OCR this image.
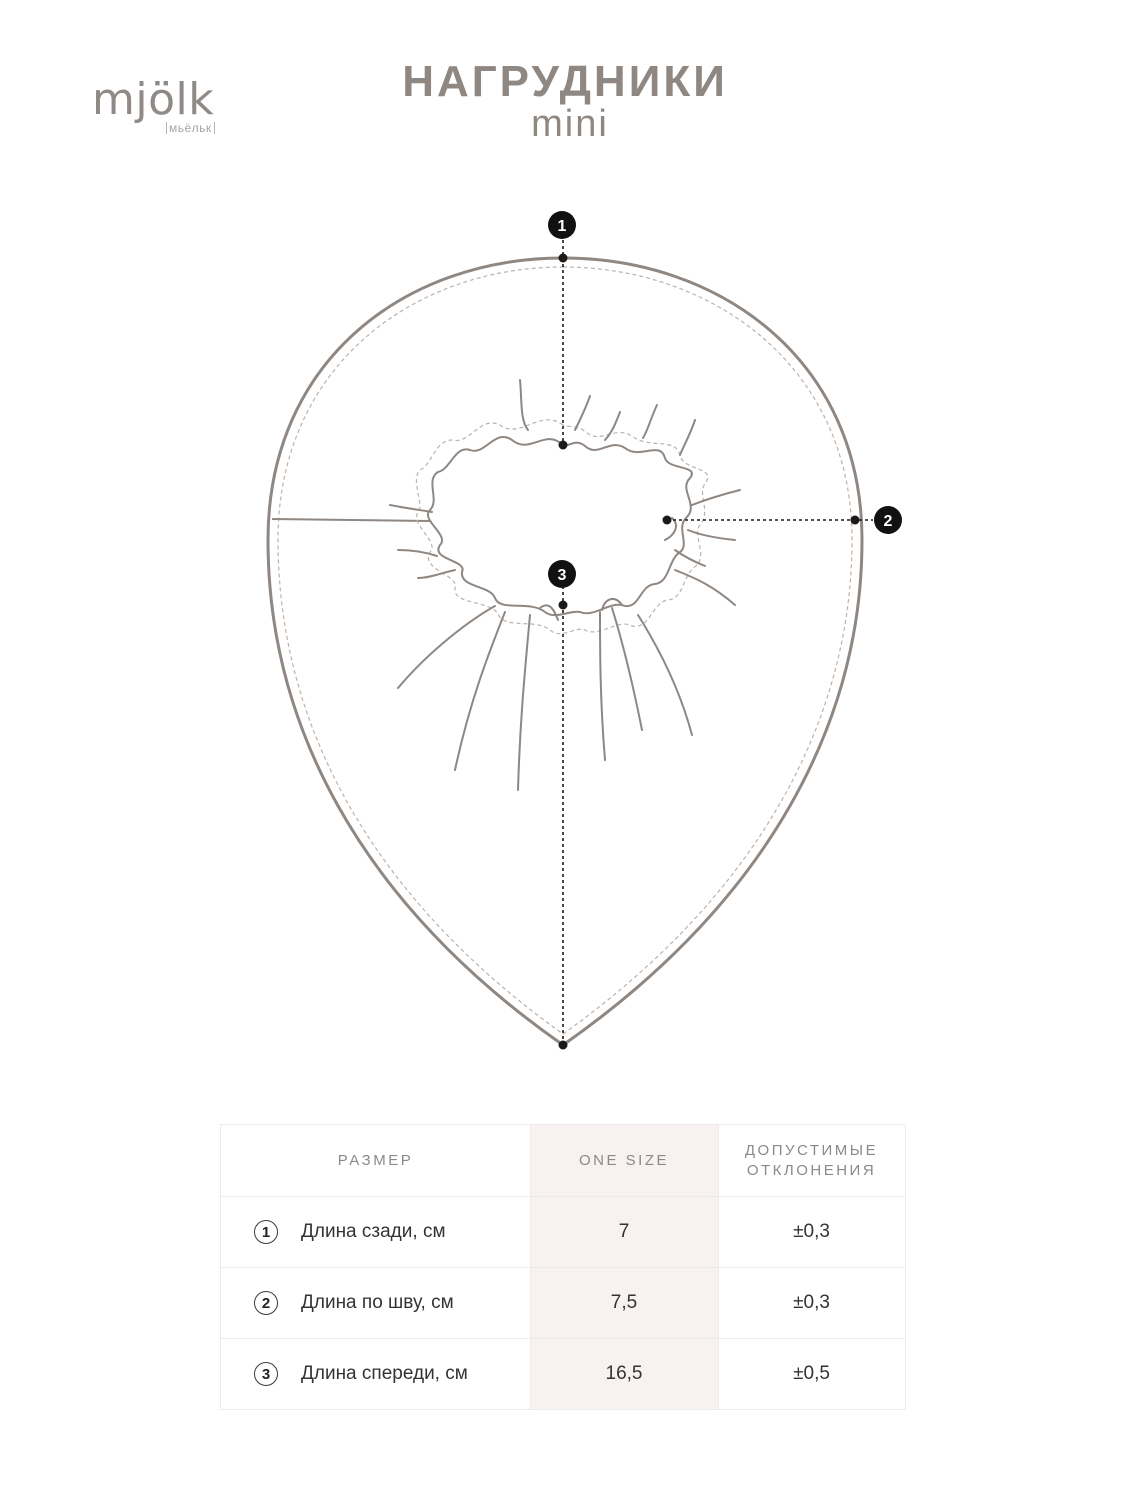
mjölk
мьёльк
НАГРУДНИКИ
mini
1
2
3
РАЗМЕР	ONE SIZE
ДОПУСТИМЫЕ
ОТКЛОНЕНИЯ
1	Длина сзади, см	7	±0,3
2	Длина по шву, см	7,5	±0,3
3	Длина спереди, см	16,5	±0,5
